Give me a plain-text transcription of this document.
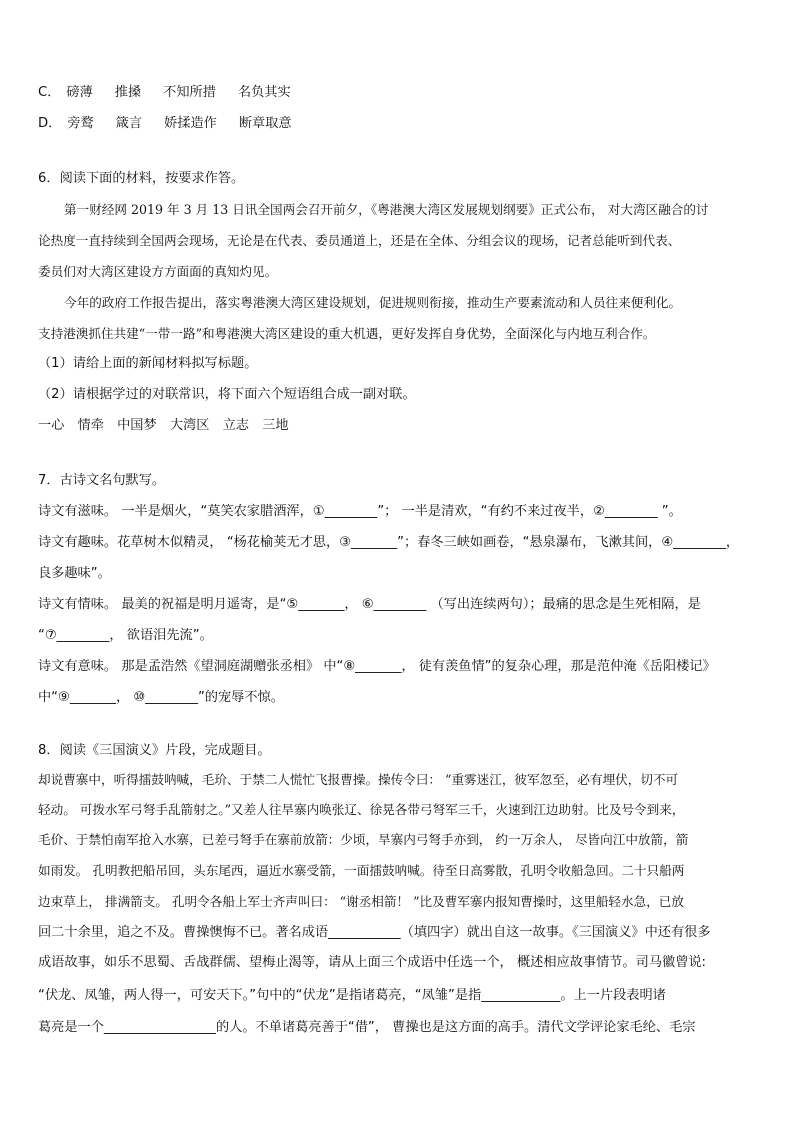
C． 磅薄 推搡 不知所措 名负其实
D． 旁鹜 箴言 娇揉造作 断章取意
6．阅读下面的材料，按要求作答。
第一财经网 2019 年 3 月 13 日讯全国两会召开前夕，《粤港澳大湾区发展规划纲要》正式公布， 对大湾区融合的讨
论热度一直持续到全国两会现场，无论是在代表、委员通道上，还是在全体、分组会议的现场，记者总能听到代表、
委员们对大湾区建设方方面面的真知灼见。
今年的政府工作报告提出，落实粤港澳大湾区建设规划，促进规则衔接，推动生产要素流动和人员往来便利化。
支持港澳抓住共建“一带一路”和粤港澳大湾区建设的重大机遇，更好发挥自身优势，全面深化与内地互利合作。
（1）请给上面的新闻材料拟写标题。
（2）请根据学过的对联常识，将下面六个短语组合成一副对联。
一心　情牵　中国梦　大湾区　立志　三地
7．古诗文名句默写。
诗文有滋味。 一半是烟火，“莫笑农家腊酒浑，①________”； 一半是清欢，“有约不来过夜半，②________ ”。
诗文有趣味。花草树木似精灵， “杨花榆荚无才思，③_______”；春冬三峡如画卷，“悬泉瀑布，飞漱其间，④________，
良多趣味”。
诗文有情味。 最美的祝福是明月遥寄，是“⑤_______， ⑥________ （写出连续两句）；最痛的思念是生死相隔，是
“⑦________， 欲语泪先流”。
诗文有意味。 那是孟浩然《望洞庭湖赠张丞相》 中“⑧_______， 徒有羡鱼情”的复杂心理，那是范仲淹《岳阳楼记》
中“⑨_______， ⑩________”的宠辱不惊。
8．阅读《三国演义》片段，完成题目。
却说曹寨中，听得擂鼓呐喊，毛玠、于禁二人慌忙飞报曹操。操传令曰： “重雾迷江，彼军忽至，必有埋伏，切不可
轻动。 可拨水军弓弩手乱箭射之。”又差人往旱寨内唤张辽、徐晃各带弓弩军三千，火速到江边助射。比及号令到来，
毛价、于禁怕南军抢入水寨，已差弓弩手在寨前放箭：少顷，旱寨内弓弩手亦到， 约一万余人， 尽皆向江中放箭，箭
如雨发。 孔明教把船吊回，头东尾西，逼近水寨受箭，一面擂鼓呐喊。待至日高雾散，孔明令收船急回。二十只船两
边束草上， 排满箭支。 孔明令各船上军士齐声叫曰： “谢丞相箭！ ”比及曹军寨内报知曹操时，这里船轻水急，已放
回二十余里，追之不及。曹操懊悔不已。著名成语___________（填四字）就出自这一故事。《三国演义》中还有很多
成语故事，如乐不思蜀、舌战群儒、望梅止渴等，请从上面三个成语中任选一个， 概述相应故事情节。司马徽曾说:
“伏龙、凤雏，两人得一，可安天下。”句中的“伏龙”是指诸葛亮，“凤雏”是指____________。上一片段表明诸
葛亮是一个_________________的人。不单诸葛亮善于“借”， 曹操也是这方面的高手。清代文学评论家毛纶、毛宗
